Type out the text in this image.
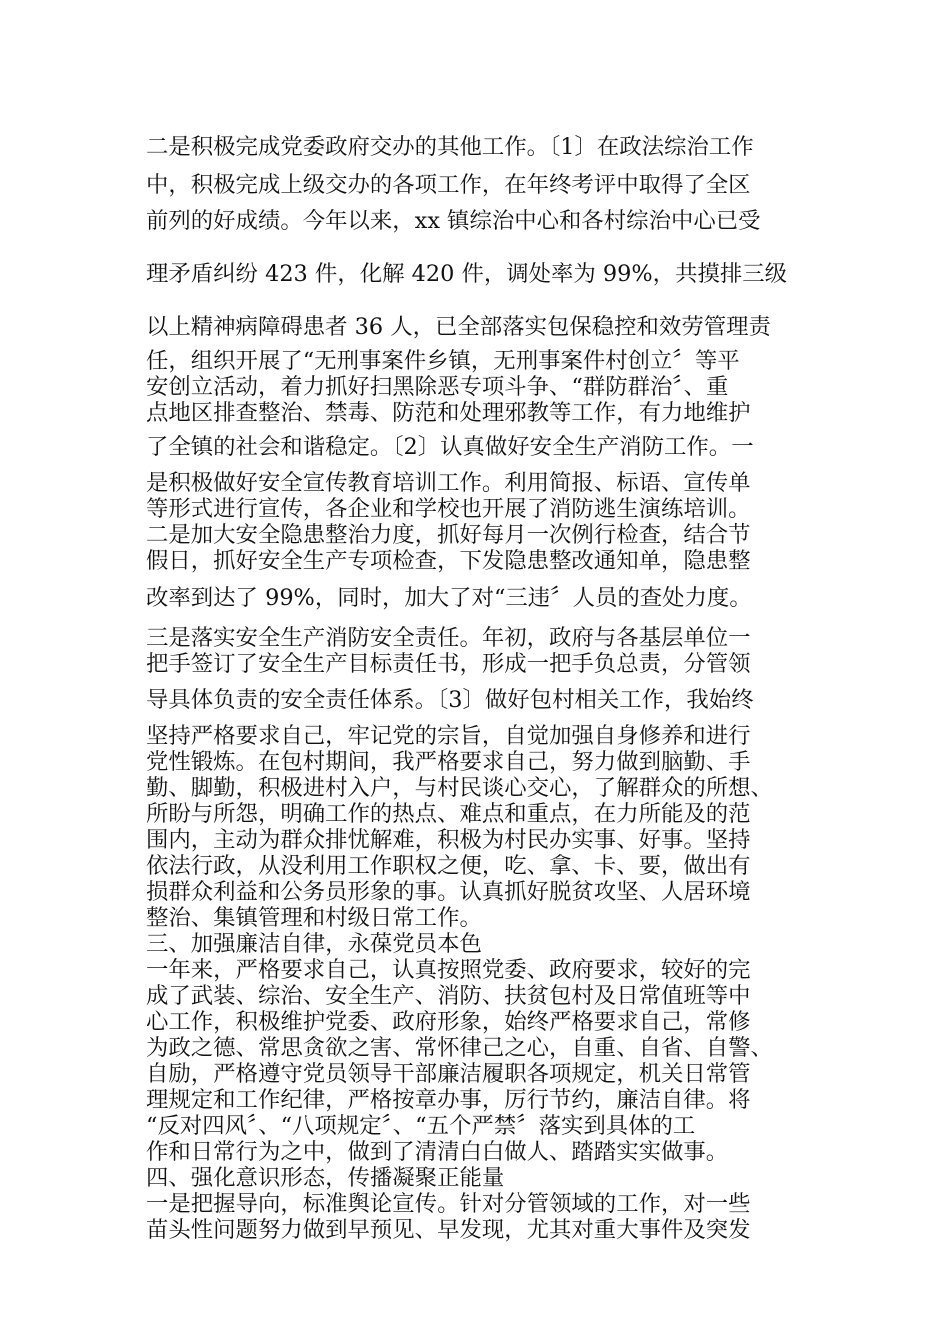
二是积极完成党委政府交办的其他工作。〔1〕在政法综治工作
中，积极完成上级交办的各项工作，在年终考评中取得了全区
前列的好成绩。今年以来，xx 镇综治中心和各村综治中心已受
理矛盾纠纷 423 件，化解 420 件，调处率为 99%，共摸排三级
以上精神病障碍患者 36 人，已全部落实包保稳控和效劳管理责
任，组织开展了“无刑事案件乡镇，无刑事案件村创立〞等平
安创立活动，着力抓好扫黑除恶专项斗争、“群防群治〞、重
点地区排查整治、禁毒、防范和处理邪教等工作，有力地维护
了全镇的社会和谐稳定。〔2〕认真做好安全生产消防工作。一
是积极做好安全宣传教育培训工作。利用简报、标语、宣传单
等形式进行宣传，各企业和学校也开展了消防逃生演练培训。
二是加大安全隐患整治力度，抓好每月一次例行检查，结合节
假日，抓好安全生产专项检查，下发隐患整改通知单，隐患整
改率到达了 99%，同时，加大了对“三违〞人员的查处力度。
三是落实安全生产消防安全责任。年初，政府与各基层单位一
把手签订了安全生产目标责任书，形成一把手负总责，分管领
导具体负责的安全责任体系。〔3〕做好包村相关工作，我始终
坚持严格要求自己，牢记党的宗旨，自觉加强自身修养和进行
党性锻炼。在包村期间，我严格要求自己，努力做到脑勤、手
勤、脚勤，积极进村入户，与村民谈心交心，了解群众的所想、
所盼与所怨，明确工作的热点、难点和重点，在力所能及的范
围内，主动为群众排忧解难，积极为村民办实事、好事。坚持
依法行政，从没利用工作职权之便，吃、拿、卡、要，做出有
损群众利益和公务员形象的事。认真抓好脱贫攻坚、人居环境
整治、集镇管理和村级日常工作。
三、加强廉洁自律，永葆党员本色
一年来，严格要求自己，认真按照党委、政府要求，较好的完
成了武装、综治、安全生产、消防、扶贫包村及日常值班等中
心工作，积极维护党委、政府形象，始终严格要求自己，常修
为政之德、常思贪欲之害、常怀律己之心，自重、自省、自警、
自励，严格遵守党员领导干部廉洁履职各项规定，机关日常管
理规定和工作纪律，严格按章办事，厉行节约，廉洁自律。将
“反对四风〞、“八项规定〞、“五个严禁〞落实到具体的工
作和日常行为之中，做到了清清白白做人、踏踏实实做事。
四、强化意识形态，传播凝聚正能量
一是把握导向，标准舆论宣传。针对分管领域的工作，对一些
苗头性问题努力做到早预见、早发现，尤其对重大事件及突发
